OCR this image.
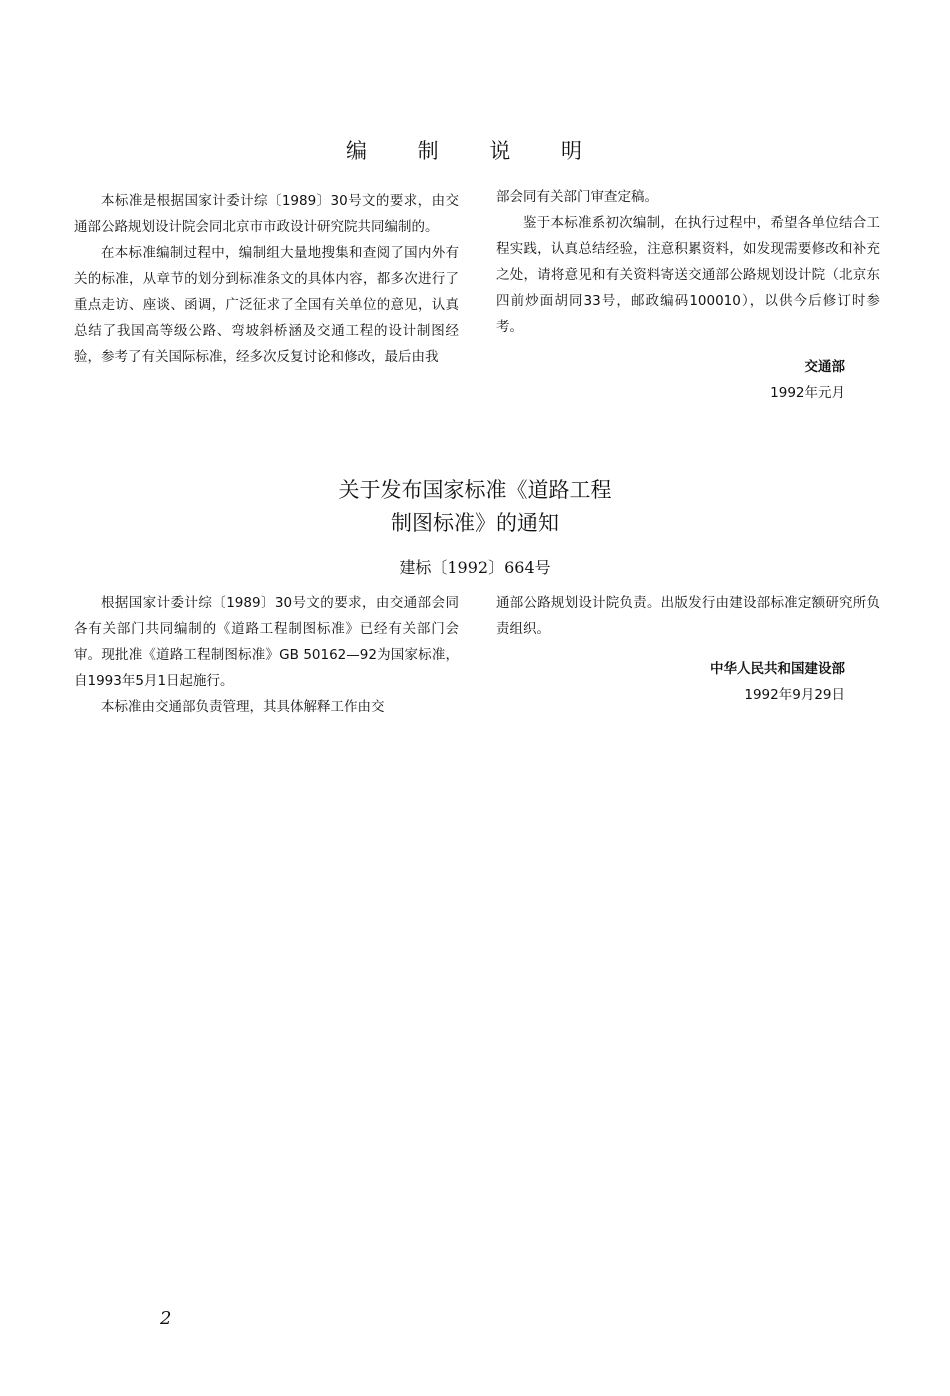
编 制 说 明

本标准是根据国家计委计综〔1989〕30号文的要求，由交通部公路规划设计院会同北京市市政设计研究院共同编制的。

在本标准编制过程中，编制组大量地搜集和查阅了国内外有关的标准，从章节的划分到标准条文的具体内容，都多次进行了重点走访、座谈、函调，广泛征求了全国有关单位的意见，认真总结了我国高等级公路、弯坡斜桥涵及交通工程的设计制图经验，参考了有关国际标准，经多次反复讨论和修改，最后由我

部会同有关部门审查定稿。

鉴于本标准系初次编制，在执行过程中，希望各单位结合工程实践，认真总结经验，注意积累资料，如发现需要修改和补充之处，请将意见和有关资料寄送交通部公路规划设计院（北京东四前炒面胡同33号，邮政编码100010），以供今后修订时参考。

交通部
1992年元月
关于发布国家标准《道路工程
制图标准》的通知
建标〔1992〕664号

根据国家计委计综〔1989〕30号文的要求，由交通部会同各有关部门共同编制的《道路工程制图标准》已经有关部门会审。现批准《道路工程制图标准》GB 50162—92为国家标准，自1993年5月1日起施行。

本标准由交通部负责管理，其具体解释工作由交

通部公路规划设计院负责。出版发行由建设部标准定额研究所负责组织。

中华人民共和国建设部
1992年9月29日
2
